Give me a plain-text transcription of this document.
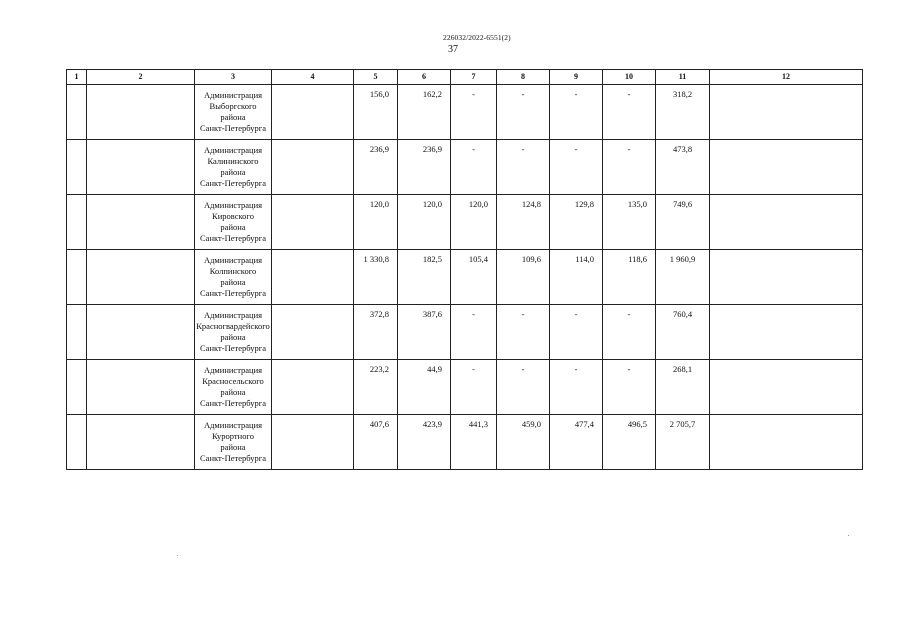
226032/2022-6551(2)
37
1	2	3	4	5	6	7	8	9	10	11	12

		Администрация
Выборгского
района
Санкт-Петербурга		156,0	162,2	-	-	-	-	318,2	

		Администрация
Калининского
района
Санкт-Петербурга		236,9	236,9	-	-	-	-	473,8	

		Администрация
Кировского
района
Санкт-Петербурга		120,0	120,0	120,0	124,8	129,8	135,0	749,6	

		Администрация
Колпинского
района
Санкт-Петербурга		1 330,8	182,5	105,4	109,6	114,0	118,6	1 960,9	

		Администрация
Красногвардейского
района
Санкт-Петербурга		372,8	387,6	-	-	-	-	760,4	

		Администрация
Красносельского
района
Санкт-Петербурга		223,2	44,9	-	-	-	-	268,1	

		Администрация
Курортного
района
Санкт-Петербурга		407,6	423,9	441,3	459,0	477,4	496,5	2 705,7	
